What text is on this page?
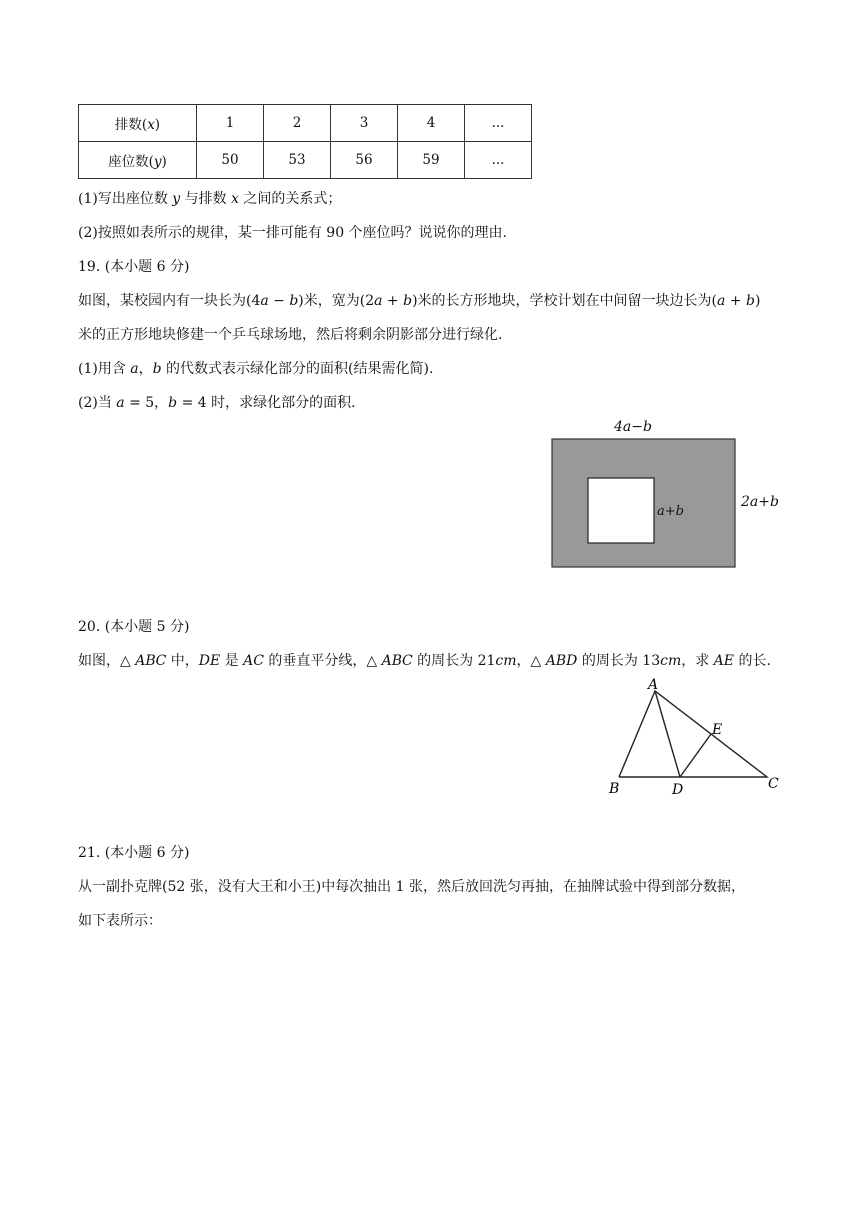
排数(𝑥)	1	2	3	4	...
座位数(𝑦)	50	53	56	59	...
(1)写出座位数 𝑦 与排数 𝑥 之间的关系式；
(2)按照如表所示的规律，某一排可能有 90 个座位吗？说说你的理由.
19. (本小题 6 分)
如图，某校园内有一块长为(4𝑎 − 𝑏)米，宽为(2𝑎 + 𝑏)米的长方形地块，学校计划在中间留一块边长为(𝑎 + 𝑏)
米的正方形地块修建一个乒乓球场地，然后将剩余阴影部分进行绿化.
(1)用含 𝑎，𝑏 的代数式表示绿化部分的面积(结果需化简).
(2)当 𝑎 = 5，𝑏 = 4 时，求绿化部分的面积.
4a−b
2a+b
a+b
20. (本小题 5 分)
如图，△ 𝐴𝐵𝐶 中，𝐷𝐸 是 𝐴𝐶 的垂直平分线，△ 𝐴𝐵𝐶 的周长为 21𝑐𝑚，△ 𝐴𝐵𝐷 的周长为 13𝑐𝑚，求 𝐴𝐸 的长.
A
B	D
E
C
21. (本小题 6 分)
从一副扑克牌(52 张，没有大王和小王)中每次抽出 1 张，然后放回洗匀再抽，在抽牌试验中得到部分数据，
如下表所示：
